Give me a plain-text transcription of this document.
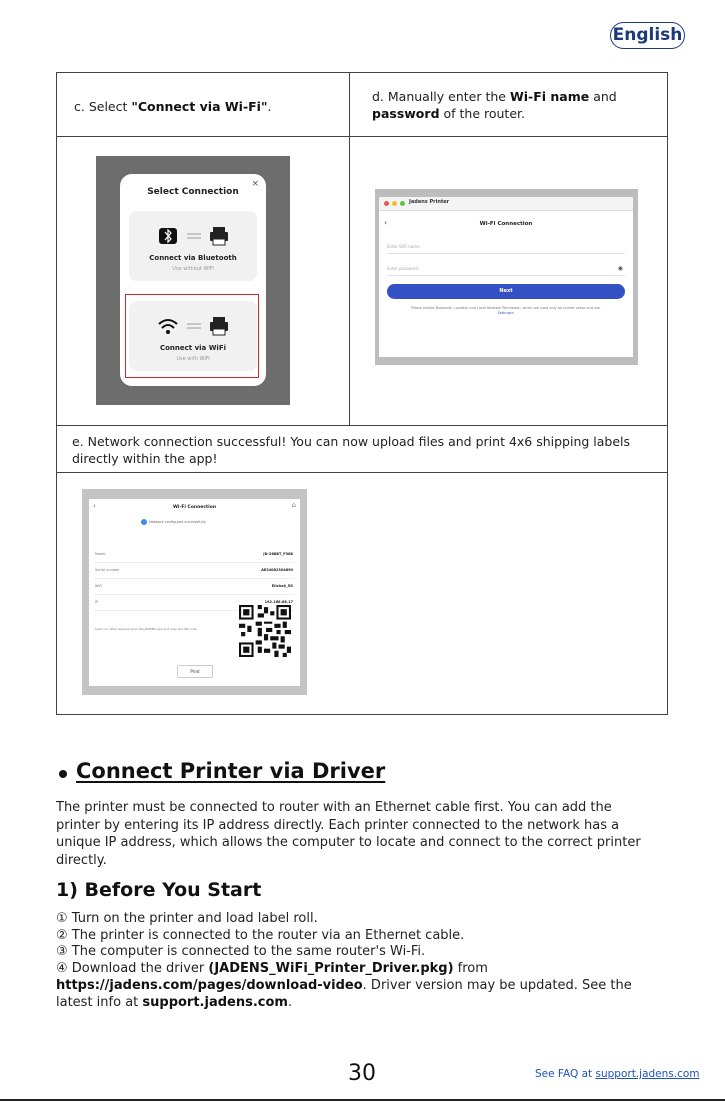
English
c. Select "Connect via Wi-Fi".
d. Manually enter the Wi-Fi name and
password of the router.
e. Network connection successful! You can now upload files and print 4x6 shipping labels directly within the app!
Select Connection
×
Connect via Bluetooth
Use without WiFi
Connect via WiFi
Use with WiFi
Jadens Printer
‹	Wi-Fi Connection
Enter WiFi name
Enter password	◉
Next
Please enable Bluetooth, Location and Local Network Permission, which are used only for printer setup and use.
Settings>
‹	Wi-Fi Connection	⌂
Network configured successfully
Model	JD-268BT_P388
Serial number	AE24082304890
WiFi	Elisha4_5G
IP	192.168.68.17
Learn on other devices open the JADENS App and scan the QR code
Print
Connect Printer via Driver
The printer must be connected to router with an Ethernet cable first. You can add the printer by entering its IP address directly. Each printer connected to the network has a unique IP address, which allows the computer to locate and connect to the correct printer directly.
1) Before You Start
① Turn on the printer and load label roll.
② The printer is connected to the router via an Ethernet cable.
③ The computer is connected to the same router's Wi-Fi.
④ Download the driver (JADENS_WiFi_Printer_Driver.pkg) from https://jadens.com/pages/download-video. Driver version may be updated. See the latest info at support.jadens.com.
30	See FAQ at support.jadens.com
